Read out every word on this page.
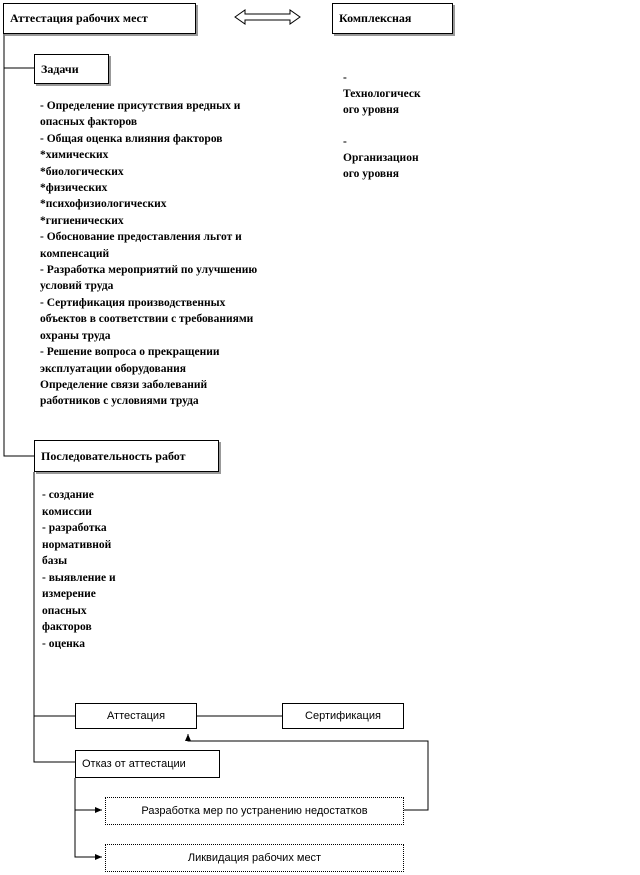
Аттестация рабочих мест	Комплексная
Задачи
Последовательность работ
Аттестация	Сертификация
Отказ от аттестации
Разработка мер по устранению недостатков
Ликвидация рабочих мест
-
Технологическ
ого уровня

-
Организацион
ого уровня
- Определение присутствия вредных и
опасных факторов
- Общая оценка влияния факторов
*химических
*биологических
*физических
*психофизиологических
*гигиенических
- Обоснование предоставления льгот и
компенсаций
- Разработка мероприятий по улучшению
условий труда
- Сертификация производственных
объектов в соответствии с требованиями
охраны труда
- Решение вопроса о прекращении
эксплуатации оборудования
Определение связи заболеваний
работников с условиями труда
- создание
комиссии
- разработка
нормативной
базы
- выявление и
измерение
опасных
факторов
- оценка
